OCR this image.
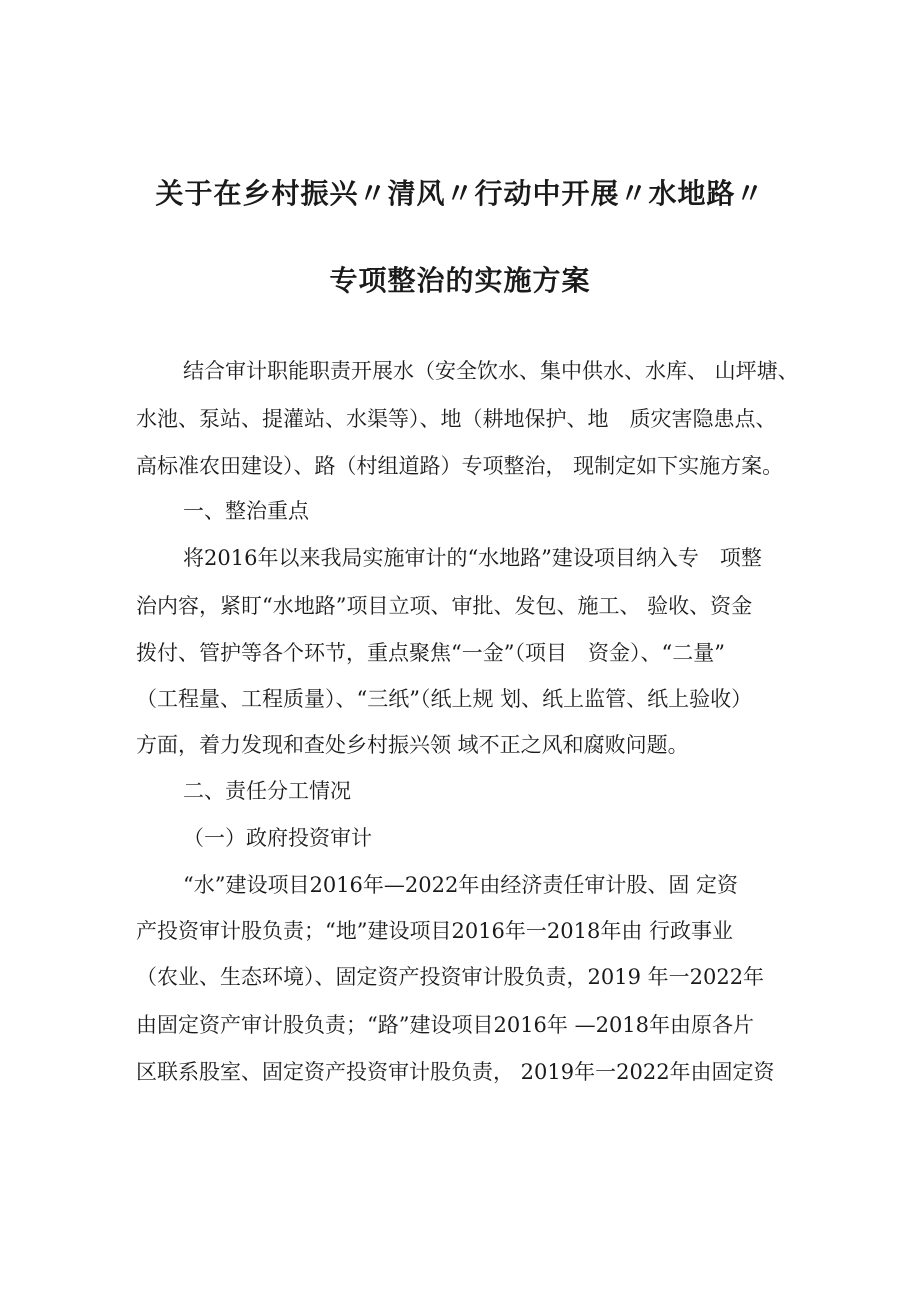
关于在乡村振兴〃清风〃行动中开展〃水地路〃
专项整治的实施方案

结合审计职能职责开展水（安全饮水、集中供水、水库、 山坪塘、

水池、泵站、提灌站、水渠等）、地（耕地保护、地　质灾害隐患点、

高标准农田建设）、路（村组道路）专项整治， 现制定如下实施方案。

一、整治重点

将2016年以来我局实施审计的“水地路”建设项目纳入专　项整

治内容，紧盯“水地路”项目立项、审批、发包、施工、 验收、资金

拨付、管护等各个环节，重点聚焦“一金”（项目　资金）、“二量”

（工程量、工程质量）、“三纸”（纸上规 划、纸上监管、纸上验收）

方面，着力发现和查处乡村振兴领 域不正之风和腐败问题。

二、责任分工情况

（一）政府投资审计

“水”建设项目2016年—2022年由经济责任审计股、固 定资

产投资审计股负责；“地”建设项目2016年一2018年由 行政事业

（农业、生态环境）、固定资产投资审计股负责，2019 年一2022年

由固定资产审计股负责；“路”建设项目2016年 —2018年由原各片

区联系股室、固定资产投资审计股负责， 2019年一2022年由固定资
